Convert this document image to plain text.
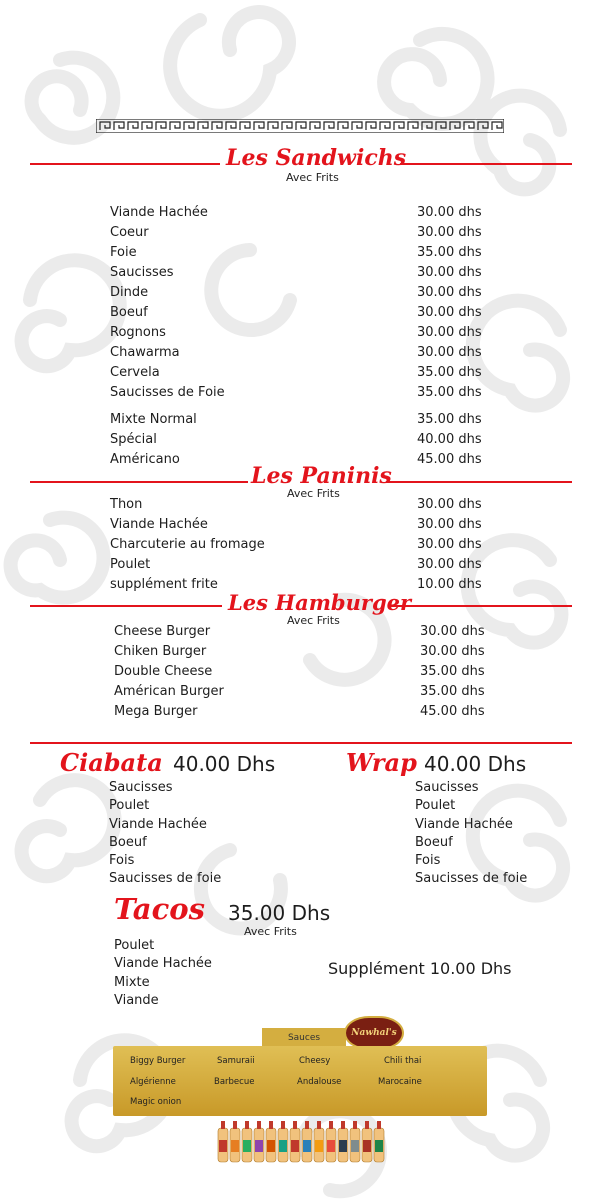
Les Sandwichs
Avec Frits
Viande Hachée	30.00 dhs
Coeur	30.00 dhs
Foie	35.00 dhs
Saucisses	30.00 dhs
Dinde	30.00 dhs
Boeuf	30.00 dhs
Rognons	30.00 dhs
Chawarma	30.00 dhs
Cervela	35.00 dhs
Saucisses de Foie	35.00 dhs
Mixte Normal	35.00 dhs
Spécial	40.00 dhs
Américano	45.00 dhs
Les Paninis
Avec Frits
Thon	30.00 dhs
Viande Hachée	30.00 dhs
Charcuterie au fromage	30.00 dhs
Poulet	30.00 dhs
supplément frite	10.00 dhs
Les Hamburger
Avec Frits
Cheese Burger	30.00 dhs
Chiken Burger	30.00 dhs
Double Cheese	35.00 dhs
Américan Burger	35.00 dhs
Mega Burger	45.00 dhs
Ciabata 40.00 Dhs
Saucisses
Poulet
Viande Hachée
Boeuf
Fois
Saucisses de foie
Wrap 40.00 Dhs
Saucisses
Poulet
Viande Hachée
Boeuf
Fois
Saucisses de foie
Tacos 35.00 Dhs
Avec Frits
Poulet
Viande Hachée
Mixte
Viande
Supplément 10.00 Dhs
Sauces	Nawhal's
Biggy Burger	Samuraii	Cheesy	Chili thai
Algérienne	Barbecue	Andalouse	Marocaine
Magic onion
